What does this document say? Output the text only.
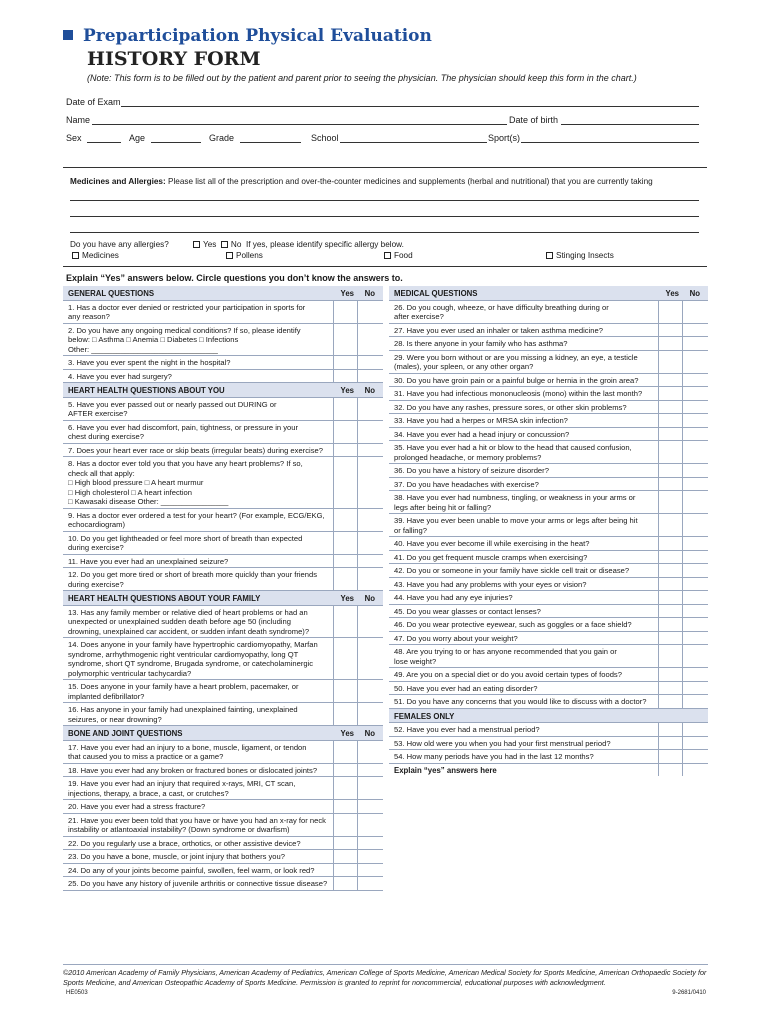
Preparticipation Physical Evaluation
HISTORY FORM
(Note: This form is to be filled out by the patient and parent prior to seeing the physician. The physician should keep this form in the chart.)
Date of Exam
Name	Date of birth
Sex	Age	Grade	School	Sport(s)
Medicines and Allergies: Please list all of the prescription and over-the-counter medicines and supplements (herbal and nutritional) that you are currently taking
Do you have any allergies?	Yes No If yes, please identify specific allergy below.
Medicines	Pollens	Food	Stinging Insects
Explain “Yes” answers below. Circle questions you don’t know the answers to.
GENERAL QUESTIONS	Yes No
1. Has a doctor ever denied or restricted your participation in sports for
any reason?
2. Do you have any ongoing medical conditions? If so, please identify
below: □ Asthma □ Anemia □ Diabetes □ Infections
Other: ______________________________
3. Have you ever spent the night in the hospital?
4. Have you ever had surgery?
HEART HEALTH QUESTIONS ABOUT YOU	Yes No
5. Have you ever passed out or nearly passed out DURING or
AFTER exercise?
6. Have you ever had discomfort, pain, tightness, or pressure in your
chest during exercise?
7. Does your heart ever race or skip beats (irregular beats) during exercise?
8. Has a doctor ever told you that you have any heart problems? If so,
check all that apply:
□ High blood pressure □ A heart murmur
□ High cholesterol □ A heart infection
□ Kawasaki disease Other: ________________
9. Has a doctor ever ordered a test for your heart? (For example, ECG/EKG,
echocardiogram)
10. Do you get lightheaded or feel more short of breath than expected
during exercise?
11. Have you ever had an unexplained seizure?
12. Do you get more tired or short of breath more quickly than your friends
during exercise?
HEART HEALTH QUESTIONS ABOUT YOUR FAMILY	Yes No
13. Has any family member or relative died of heart problems or had an
unexpected or unexplained sudden death before age 50 (including
drowning, unexplained car accident, or sudden infant death syndrome)?
14. Does anyone in your family have hypertrophic cardiomyopathy, Marfan
syndrome, arrhythmogenic right ventricular cardiomyopathy, long QT
syndrome, short QT syndrome, Brugada syndrome, or catecholaminergic
polymorphic ventricular tachycardia?
15. Does anyone in your family have a heart problem, pacemaker, or
implanted defibrillator?
16. Has anyone in your family had unexplained fainting, unexplained
seizures, or near drowning?
BONE AND JOINT QUESTIONS	Yes No
17. Have you ever had an injury to a bone, muscle, ligament, or tendon
that caused you to miss a practice or a game?
18. Have you ever had any broken or fractured bones or dislocated joints?
19. Have you ever had an injury that required x-rays, MRI, CT scan,
injections, therapy, a brace, a cast, or crutches?
20. Have you ever had a stress fracture?
21. Have you ever been told that you have or have you had an x-ray for neck
instability or atlantoaxial instability? (Down syndrome or dwarfism)
22. Do you regularly use a brace, orthotics, or other assistive device?
23. Do you have a bone, muscle, or joint injury that bothers you?
24. Do any of your joints become painful, swollen, feel warm, or look red?
25. Do you have any history of juvenile arthritis or connective tissue disease?
MEDICAL QUESTIONS	Yes No
26. Do you cough, wheeze, or have difficulty breathing during or
after exercise?
27. Have you ever used an inhaler or taken asthma medicine?
28. Is there anyone in your family who has asthma?
29. Were you born without or are you missing a kidney, an eye, a testicle
(males), your spleen, or any other organ?
30. Do you have groin pain or a painful bulge or hernia in the groin area?
31. Have you had infectious mononucleosis (mono) within the last month?
32. Do you have any rashes, pressure sores, or other skin problems?
33. Have you had a herpes or MRSA skin infection?
34. Have you ever had a head injury or concussion?
35. Have you ever had a hit or blow to the head that caused confusion,
prolonged headache, or memory problems?
36. Do you have a history of seizure disorder?
37. Do you have headaches with exercise?
38. Have you ever had numbness, tingling, or weakness in your arms or
legs after being hit or falling?
39. Have you ever been unable to move your arms or legs after being hit
or falling?
40. Have you ever become ill while exercising in the heat?
41. Do you get frequent muscle cramps when exercising?
42. Do you or someone in your family have sickle cell trait or disease?
43. Have you had any problems with your eyes or vision?
44. Have you had any eye injuries?
45. Do you wear glasses or contact lenses?
46. Do you wear protective eyewear, such as goggles or a face shield?
47. Do you worry about your weight?
48. Are you trying to or has anyone recommended that you gain or
lose weight?
49. Are you on a special diet or do you avoid certain types of foods?
50. Have you ever had an eating disorder?
51. Do you have any concerns that you would like to discuss with a doctor?
FEMALES ONLY
52. Have you ever had a menstrual period?
53. How old were you when you had your first menstrual period?
54. How many periods have you had in the last 12 months?
Explain “yes” answers here
©2010 American Academy of Family Physicians, American Academy of Pediatrics, American College of Sports Medicine, American Medical Society for Sports Medicine, American Orthopaedic Society for Sports Medicine, and American Osteopathic Academy of Sports Medicine. Permission is granted to reprint for noncommercial, educational purposes with acknowledgment.
HE0503	9-2681/0410
